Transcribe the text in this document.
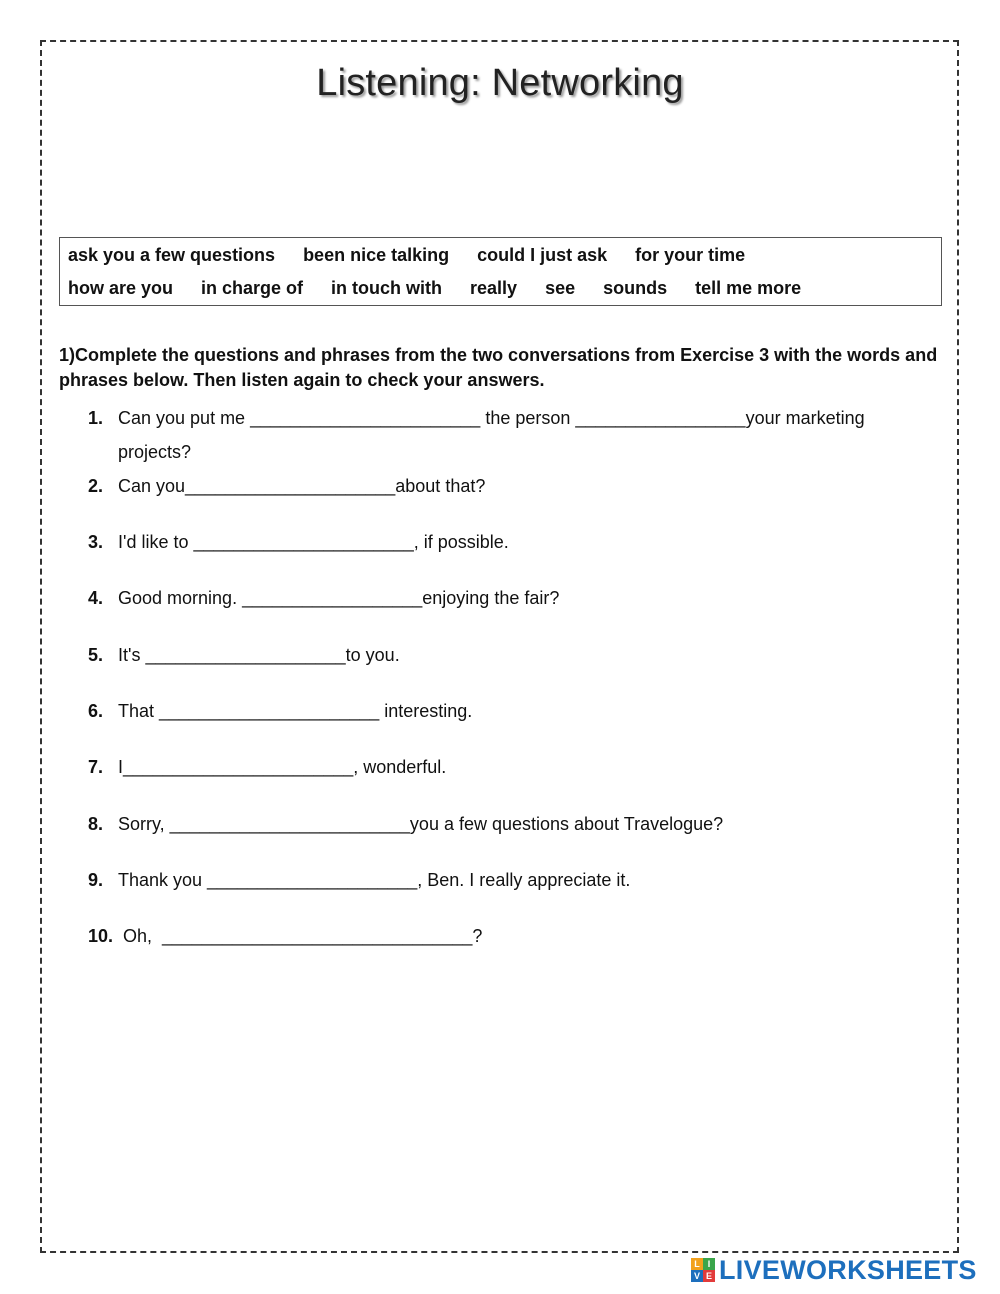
Listening: Networking
ask you a few questions been nice talking could I just ask for your time
how are you in charge of in touch with really see sounds tell me more
1)Complete the questions and phrases from the two conversations from Exercise 3 with the words and phrases below. Then listen again to check your answers.
1. Can you put me _______________________ the person _________________your marketing
projects?
2. Can you_____________________about that?
3. I'd like to ______________________, if possible.
4. Good morning. __________________enjoying the fair?
5. It's ____________________to you.
6. That ______________________ interesting.
7. I_______________________, wonderful.
8. Sorry, ________________________you a few questions about Travelogue?
9. Thank you _____________________, Ben. I really appreciate it.
10. Oh,  _______________________________?
L I
V E LIVEWORKSHEETS
